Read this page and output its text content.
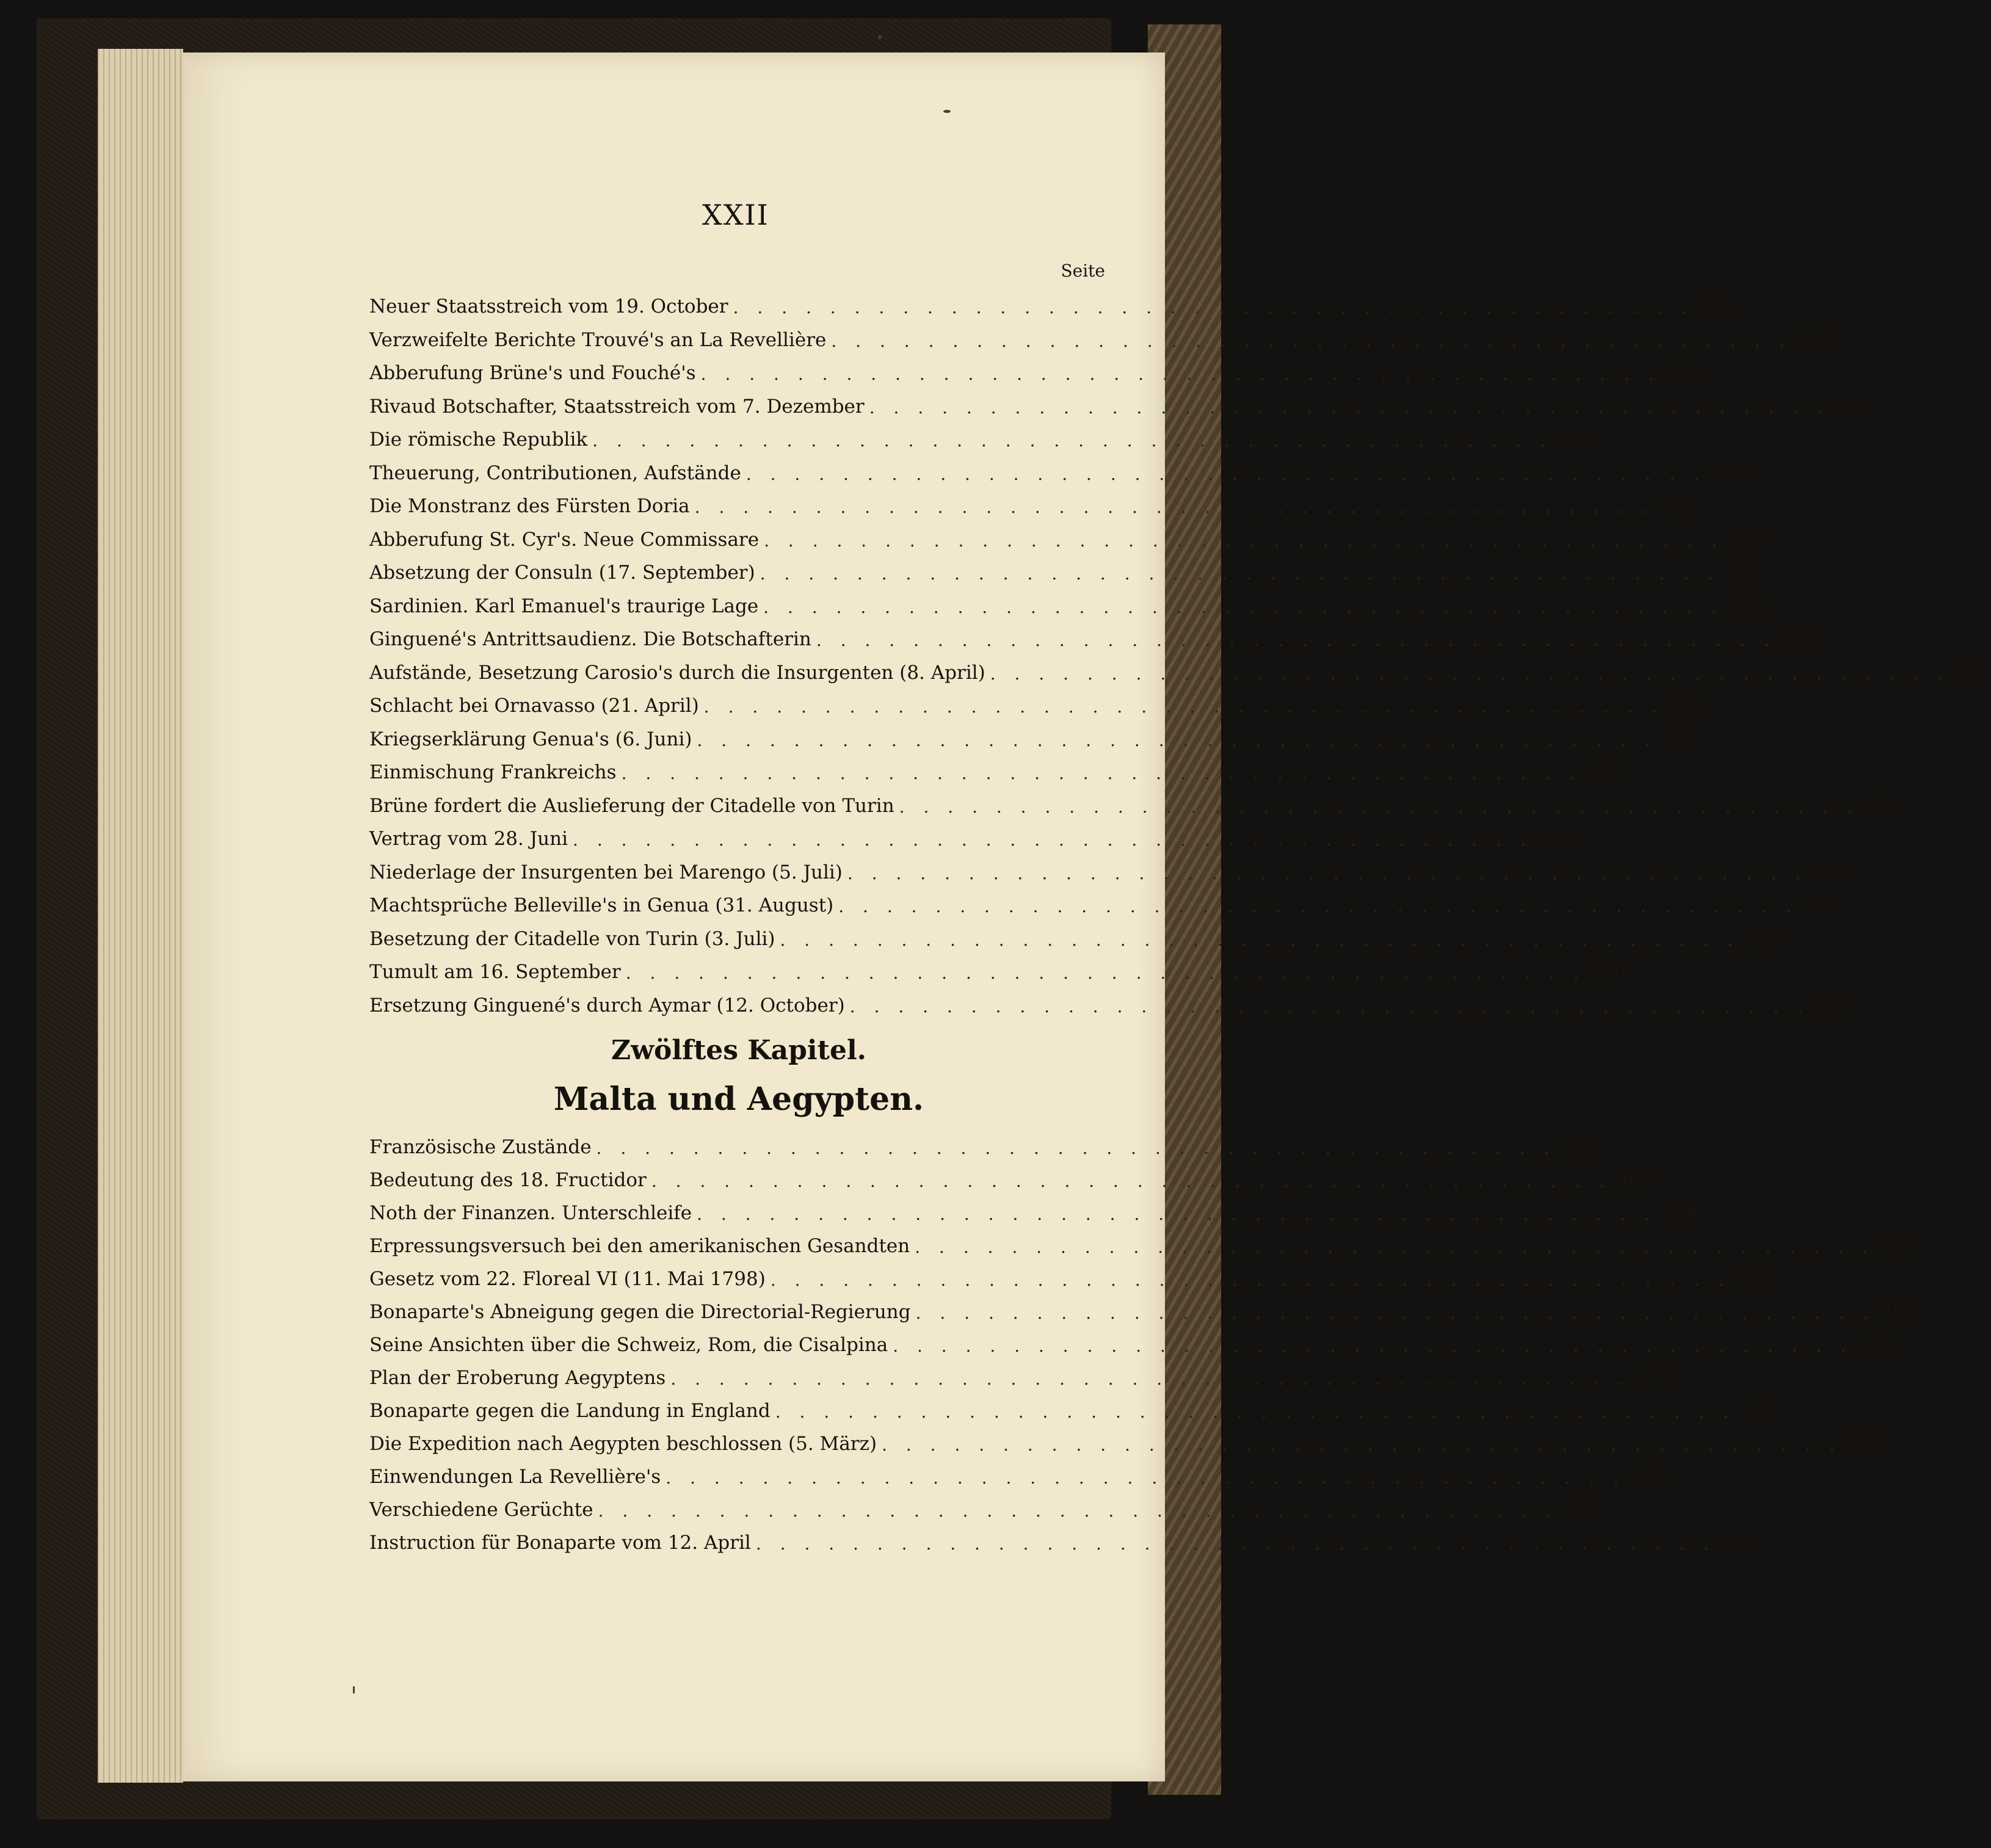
XXII
Seite
Neuer Staatsstreich vom 19. October . . . . . . . . . . . . . . . . . . . . . . . . . . . . . . . . . . . . . . . . 346
Verzweifelte Berichte Trouvé's an La Revellière . . . . . . . . . . . . . . . . . . . . . . . . . . . . . . . . . . . . . . . . 347
Abberufung Brüne's und Fouché's . . . . . . . . . . . . . . . . . . . . . . . . . . . . . . . . . . . . . . . . 348
Rivaud Botschafter, Staatsstreich vom 7. Dezember . . . . . . . . . . . . . . . . . . . . . . . . . . . . . . . . . . . . . . . . 349
Die römische Republik . . . . . . . . . . . . . . . . . . . . . . . . . . . . . . . . . . . . . . . . 350
Theuerung, Contributionen, Aufstände . . . . . . . . . . . . . . . . . . . . . . . . . . . . . . . . . . . . . . . . 350
Die Monstranz des Fürsten Doria . . . . . . . . . . . . . . . . . . . . . . . . . . . . . . . . . . . . . . . . 351
Abberufung St. Cyr's. Neue Commissare . . . . . . . . . . . . . . . . . . . . . . . . . . . . . . . . . . . . . . . . 352
Absetzung der Consuln (17. September) . . . . . . . . . . . . . . . . . . . . . . . . . . . . . . . . . . . . . . . . 353
Sardinien. Karl Emanuel's traurige Lage . . . . . . . . . . . . . . . . . . . . . . . . . . . . . . . . . . . . . . . . 353
Ginguené's Antrittsaudienz. Die Botschafterin . . . . . . . . . . . . . . . . . . . . . . . . . . . . . . . . . . . . . . . . 354
Aufstände, Besetzung Carosio's durch die Insurgenten (8. April) . . . . . . . . . . . . . . . . . . . . . . . . . . . . . . . . . . . . . . . . 355
Schlacht bei Ornavasso (21. April) . . . . . . . . . . . . . . . . . . . . . . . . . . . . . . . . . . . . . . . . 355
Kriegserklärung Genua's (6. Juni) . . . . . . . . . . . . . . . . . . . . . . . . . . . . . . . . . . . . . . . . 356
Einmischung Frankreichs . . . . . . . . . . . . . . . . . . . . . . . . . . . . . . . . . . . . . . . . 357
Brüne fordert die Auslieferung der Citadelle von Turin . . . . . . . . . . . . . . . . . . . . . . . . . . . . . . . . . . . . . . . . 358
Vertrag vom 28. Juni . . . . . . . . . . . . . . . . . . . . . . . . . . . . . . . . . . . . . . . . 359
Niederlage der Insurgenten bei Marengo (5. Juli) . . . . . . . . . . . . . . . . . . . . . . . . . . . . . . . . . . . . . . . . 359
Machtsprüche Belleville's in Genua (31. August) . . . . . . . . . . . . . . . . . . . . . . . . . . . . . . . . . . . . . . . . 360
Besetzung der Citadelle von Turin (3. Juli) . . . . . . . . . . . . . . . . . . . . . . . . . . . . . . . . . . . . . . . . 360
Tumult am 16. September . . . . . . . . . . . . . . . . . . . . . . . . . . . . . . . . . . . . . . . . 360
Ersetzung Ginguené's durch Aymar (12. October) . . . . . . . . . . . . . . . . . . . . . . . . . . . . . . . . . . . . . . . . 361
Zwölftes Kapitel.
Malta und Aegypten.
Französische Zustände . . . . . . . . . . . . . . . . . . . . . . . . . . . . . . . . . . . . . . . . 362
Bedeutung des 18. Fructidor . . . . . . . . . . . . . . . . . . . . . . . . . . . . . . . . . . . . . . . . 363
Noth der Finanzen. Unterschleife . . . . . . . . . . . . . . . . . . . . . . . . . . . . . . . . . . . . . . . . 364
Erpressungsversuch bei den amerikanischen Gesandten . . . . . . . . . . . . . . . . . . . . . . . . . . . . . . . . . . . . . . . . 365
Gesetz vom 22. Floreal VI (11. Mai 1798) . . . . . . . . . . . . . . . . . . . . . . . . . . . . . . . . . . . . . . . . 366
Bonaparte's Abneigung gegen die Directorial-Regierung . . . . . . . . . . . . . . . . . . . . . . . . . . . . . . . . . . . . . . . . 368
Seine Ansichten über die Schweiz, Rom, die Cisalpina . . . . . . . . . . . . . . . . . . . . . . . . . . . . . . . . . . . . . . . . 369
Plan der Eroberung Aegyptens . . . . . . . . . . . . . . . . . . . . . . . . . . . . . . . . . . . . . . . . 371
Bonaparte gegen die Landung in England . . . . . . . . . . . . . . . . . . . . . . . . . . . . . . . . . . . . . . . . 373
Die Expedition nach Aegypten beschlossen (5. März) . . . . . . . . . . . . . . . . . . . . . . . . . . . . . . . . . . . . . . . . 374
Einwendungen La Revellière's . . . . . . . . . . . . . . . . . . . . . . . . . . . . . . . . . . . . . . . . 375
Verschiedene Gerüchte . . . . . . . . . . . . . . . . . . . . . . . . . . . . . . . . . . . . . . . . 376
Instruction für Bonaparte vom 12. April . . . . . . . . . . . . . . . . . . . . . . . . . . . . . . . . . . . . . . . . 376
